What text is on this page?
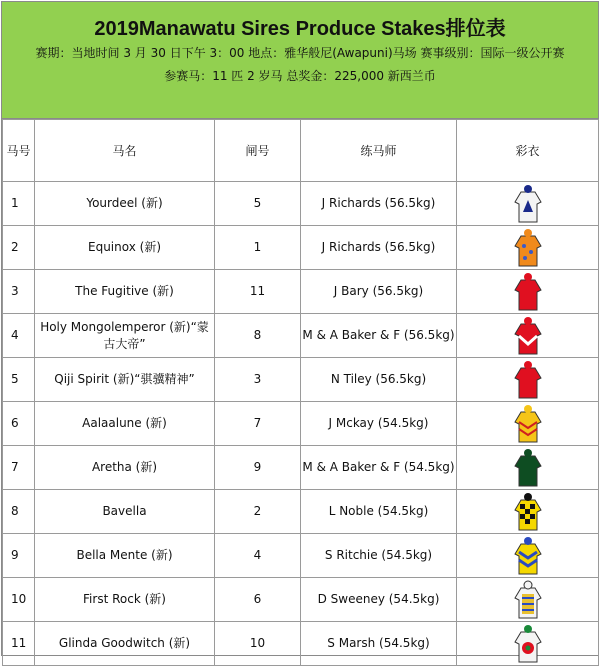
2019Manawatu Sires Produce Stakes排位表
赛期：当地时间 3 月 30 日下午 3：00 地点：雅华般尼(Awapuni)马场 赛事级别：国际一级公开赛
参赛马：11 匹 2 岁马 总奖金：225,000 新西兰币
马号	马名	闸号	练马师	彩衣
1	Yourdeel (新)	5	J Richards (56.5kg)	

2	Equinox (新)	1	J Richards (56.5kg)	

3	The Fugitive (新)	11	J Bary (56.5kg)	

4	Holy Mongolemperor (新)“蒙古大帝”	8	M & A Baker & F (56.5kg)	

5	Qiji Spirit (新)“骐骥精神”	3	N Tiley (56.5kg)	

6	Aalaalune (新)	7	J Mckay (54.5kg)	

7	Aretha (新)	9	M & A Baker & F (54.5kg)	

8	Bavella	2	L Noble (54.5kg)	

9	Bella Mente (新)	4	S Ritchie (54.5kg)	

10	First Rock (新)	6	D Sweeney (54.5kg)	

11	Glinda Goodwitch (新)	10	S Marsh (54.5kg)	
